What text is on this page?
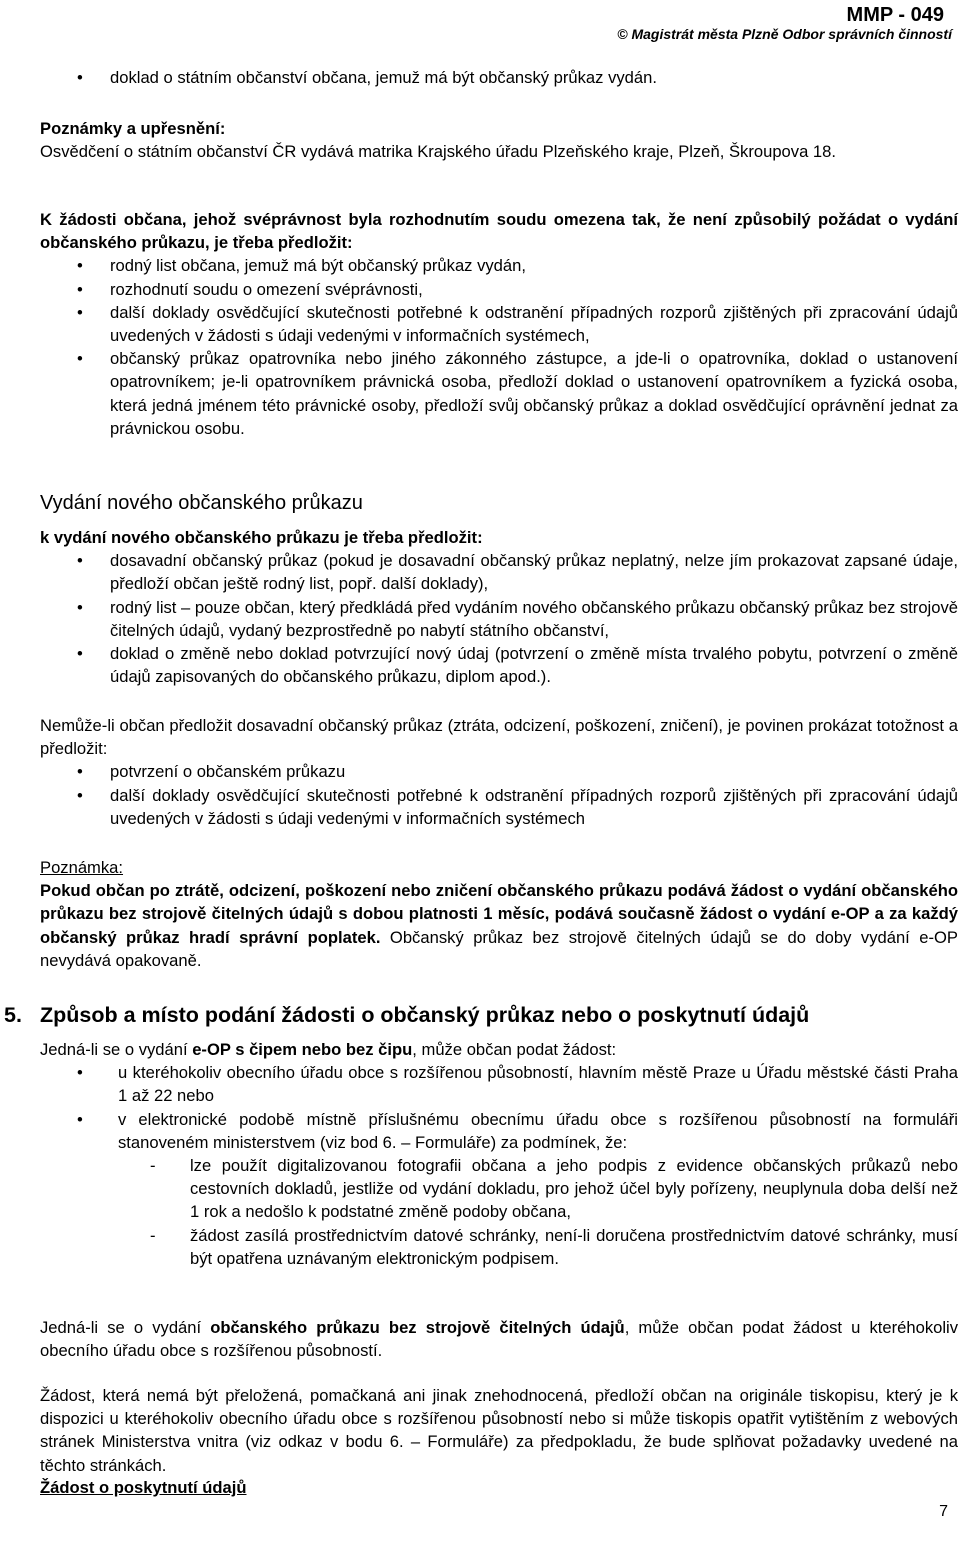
MMP - 049
© Magistrát města Plzně Odbor správních činností
• doklad o státním občanství občana, jemuž má být občanský průkaz vydán.
Poznámky a upřesnění:
Osvědčení o státním občanství ČR vydává matrika Krajského úřadu Plzeňského kraje, Plzeň, Škroupova 18.
K žádosti občana, jehož svéprávnost byla rozhodnutím soudu omezena tak, že není způsobilý požádat o vydání občanského průkazu, je třeba předložit:
• rodný list občana, jemuž má být občanský průkaz vydán,
• rozhodnutí soudu o omezení svéprávnosti,
• další doklady osvědčující skutečnosti potřebné k odstranění případných rozporů zjištěných při zpracování údajů uvedených v žádosti s údaji vedenými v informačních systémech,
• občanský průkaz opatrovníka nebo jiného zákonného zástupce, a jde-li o opatrovníka, doklad o ustanovení opatrovníkem; je-li opatrovníkem právnická osoba, předloží doklad o ustanovení opatrovníkem a fyzická osoba, která jedná jménem této právnické osoby, předloží svůj občanský průkaz a doklad osvědčující oprávnění jednat za právnickou osobu.
Vydání nového občanského průkazu
k vydání nového občanského průkazu je třeba předložit:
• dosavadní občanský průkaz (pokud je dosavadní občanský průkaz neplatný, nelze jím prokazovat zapsané údaje, předloží občan ještě rodný list, popř. další doklady),
• rodný list – pouze občan, který předkládá před vydáním nového občanského průkazu občanský průkaz bez strojově čitelných údajů, vydaný bezprostředně po nabytí státního občanství,
• doklad o změně nebo doklad potvrzující nový údaj (potvrzení o změně místa trvalého pobytu, potvrzení o změně údajů zapisovaných do občanského průkazu, diplom apod.).
Nemůže-li občan předložit dosavadní občanský průkaz (ztráta, odcizení, poškození, zničení), je povinen prokázat totožnost a předložit:
• potvrzení o občanském průkazu
• další doklady osvědčující skutečnosti potřebné k odstranění případných rozporů zjištěných při zpracování údajů uvedených v žádosti s údaji vedenými v informačních systémech
Poznámka:
Pokud občan po ztrátě, odcizení, poškození nebo zničení občanského průkazu podává žádost o vydání občanského průkazu bez strojově čitelných údajů s dobou platnosti 1 měsíc, podává současně žádost o vydání e-OP a za každý občanský průkaz hradí správní poplatek. Občanský průkaz bez strojově čitelných údajů se do doby vydání e-OP nevydává opakovaně.
5. Způsob a místo podání žádosti o občanský průkaz nebo o poskytnutí údajů
Jedná-li se o vydání e-OP s čipem nebo bez čipu, může občan podat žádost:
• u kteréhokoliv obecního úřadu obce s rozšířenou působností, hlavním městě Praze u Úřadu městské části Praha 1 až 22 nebo
• v elektronické podobě místně příslušnému obecnímu úřadu obce s rozšířenou působností na formuláři stanoveném ministerstvem (viz bod 6. – Formuláře) za podmínek, že:
- lze použít digitalizovanou fotografii občana a jeho podpis z evidence občanských průkazů nebo cestovních dokladů, jestliže od vydání dokladu, pro jehož účel byly pořízeny, neuplynula doba delší než 1 rok a nedošlo k podstatné změně podoby občana,
- žádost zasílá prostřednictvím datové schránky, není-li doručena prostřednictvím datové schránky, musí být opatřena uznávaným elektronickým podpisem.
Jedná-li se o vydání občanského průkazu bez strojově čitelných údajů, může občan podat žádost u kteréhokoliv obecního úřadu obce s rozšířenou působností.
Žádost, která nemá být přeložená, pomačkaná ani jinak znehodnocená, předloží občan na originále tiskopisu, který je k dispozici u kteréhokoliv obecního úřadu obce s rozšířenou působností nebo si může tiskopis opatřit vytištěním z webových stránek Ministerstva vnitra (viz odkaz v bodu 6. – Formuláře) za předpokladu, že bude splňovat požadavky uvedené na těchto stránkách.
Žádost o poskytnutí údajů
7
